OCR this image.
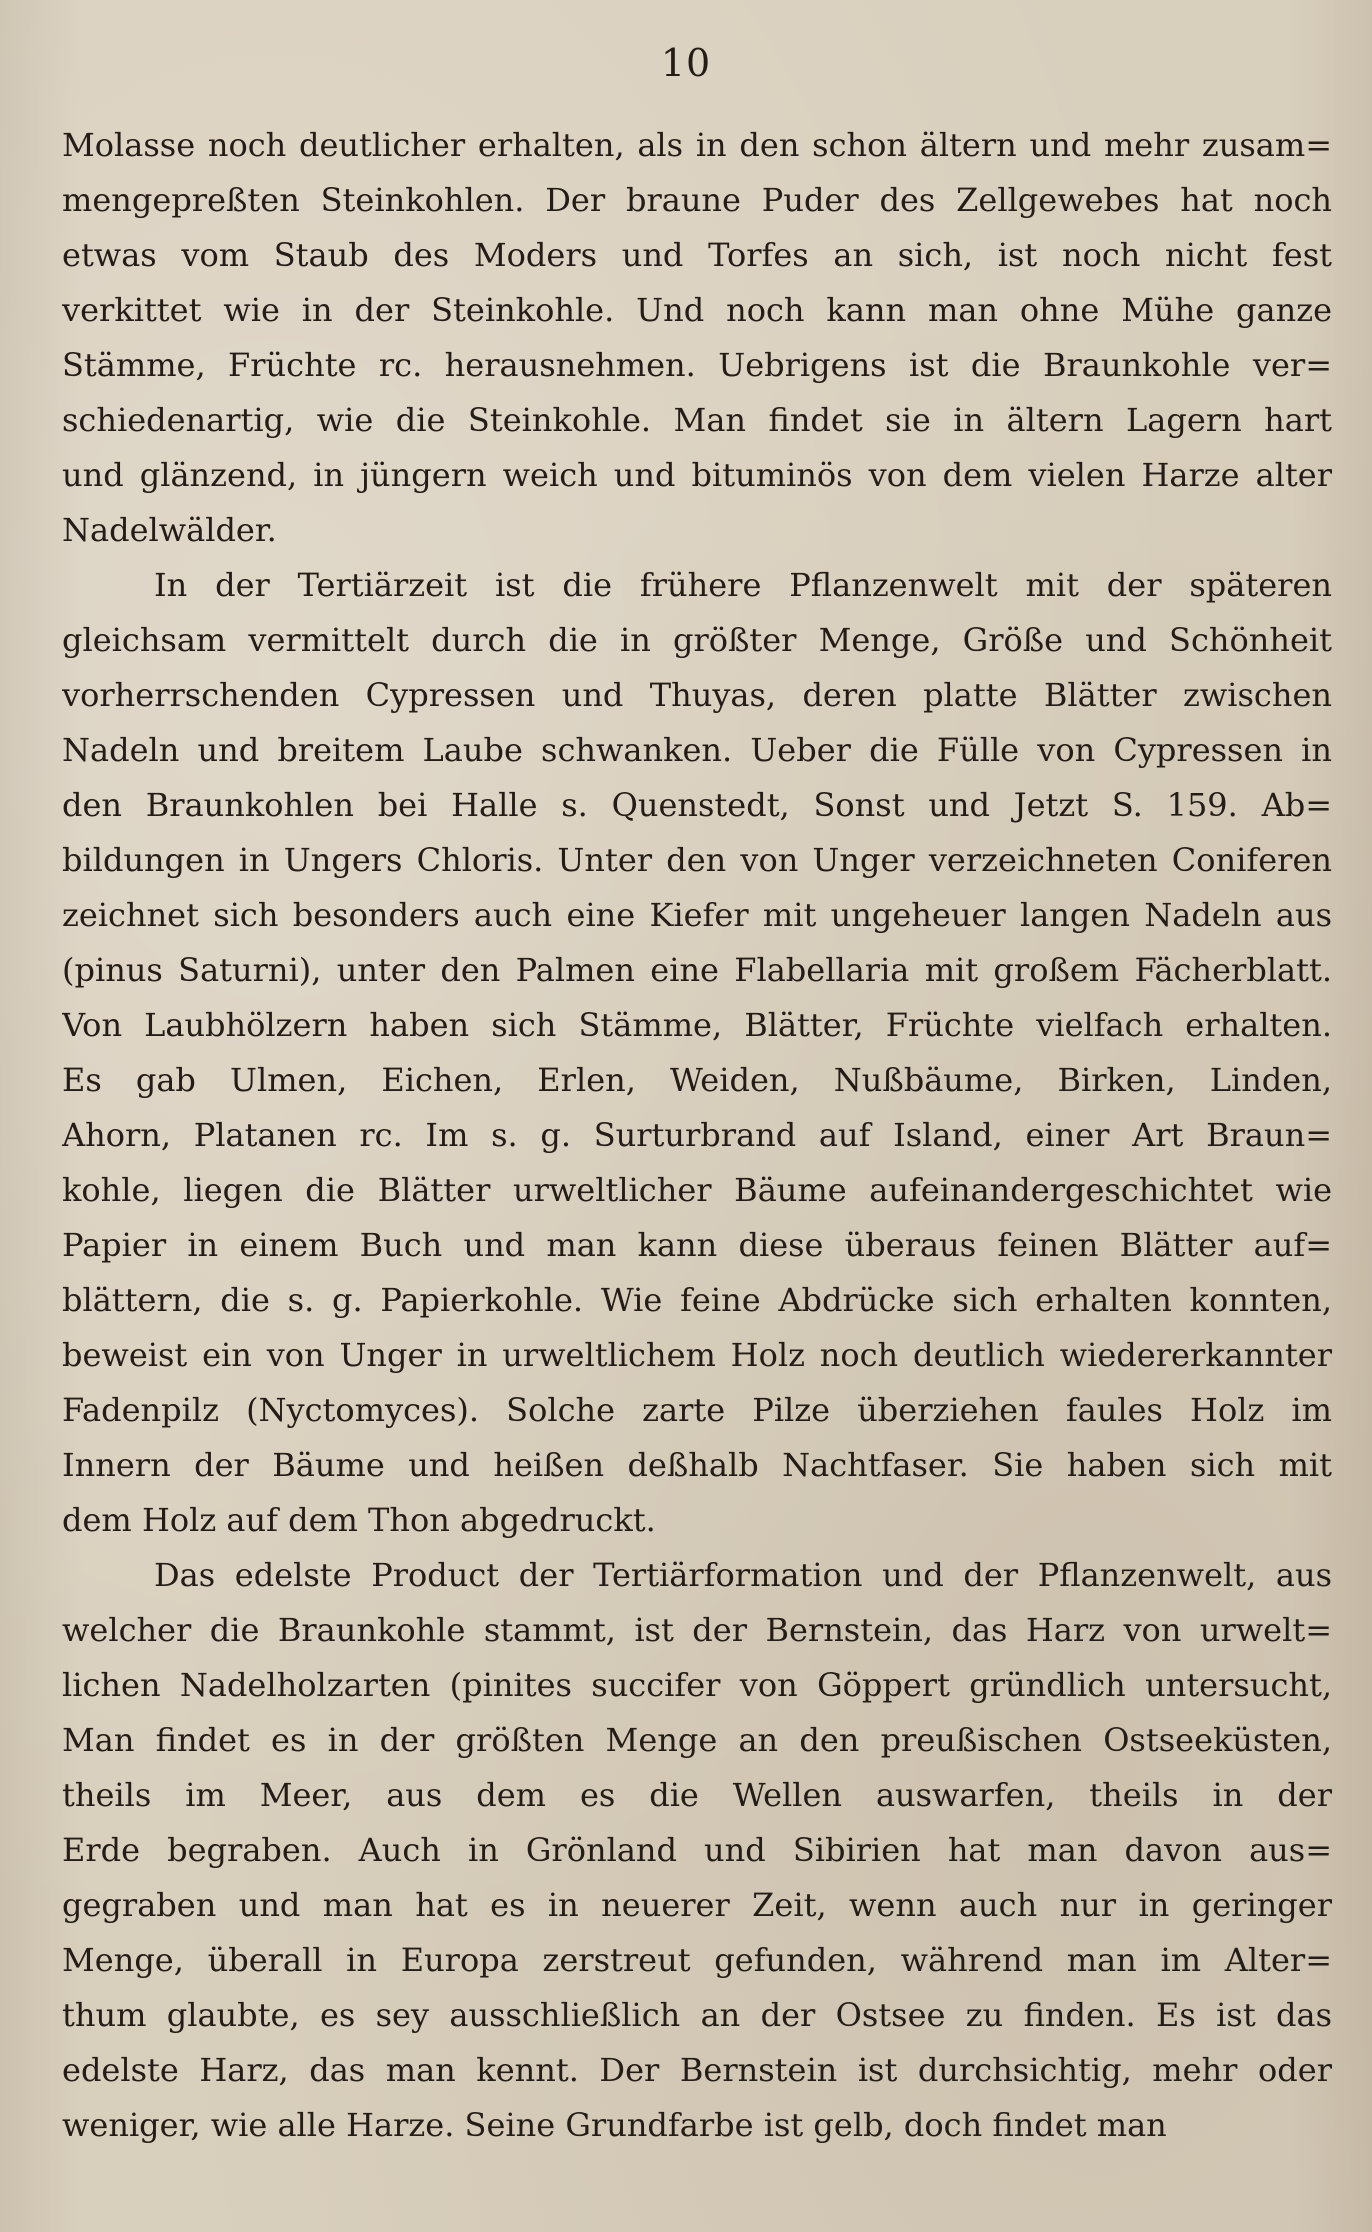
10
Molasse noch deutlicher erhalten, als in den schon ältern und mehr zusam=
mengepreßten Steinkohlen. Der braune Puder des Zellgewebes hat noch
etwas vom Staub des Moders und Torfes an sich, ist noch nicht fest
verkittet wie in der Steinkohle. Und noch kann man ohne Mühe ganze
Stämme, Früchte rc. herausnehmen. Uebrigens ist die Braunkohle ver=
schiedenartig, wie die Steinkohle. Man findet sie in ältern Lagern hart
und glänzend, in jüngern weich und bituminös von dem vielen Harze alter
Nadelwälder.
In der Tertiärzeit ist die frühere Pflanzenwelt mit der späteren
gleichsam vermittelt durch die in größter Menge, Größe und Schönheit
vorherrschenden Cypressen und Thuyas, deren platte Blätter zwischen
Nadeln und breitem Laube schwanken. Ueber die Fülle von Cypressen in
den Braunkohlen bei Halle s. Quenstedt, Sonst und Jetzt S. 159. Ab=
bildungen in Ungers Chloris. Unter den von Unger verzeichneten Coniferen
zeichnet sich besonders auch eine Kiefer mit ungeheuer langen Nadeln aus
(pinus Saturni), unter den Palmen eine Flabellaria mit großem Fächerblatt.
Von Laubhölzern haben sich Stämme, Blätter, Früchte vielfach erhalten.
Es gab Ulmen, Eichen, Erlen, Weiden, Nußbäume, Birken, Linden,
Ahorn, Platanen rc. Im s. g. Surturbrand auf Island, einer Art Braun=
kohle, liegen die Blätter urweltlicher Bäume aufeinandergeschichtet wie
Papier in einem Buch und man kann diese überaus feinen Blätter auf=
blättern, die s. g. Papierkohle. Wie feine Abdrücke sich erhalten konnten,
beweist ein von Unger in urweltlichem Holz noch deutlich wiedererkannter
Fadenpilz (Nyctomyces). Solche zarte Pilze überziehen faules Holz im
Innern der Bäume und heißen deßhalb Nachtfaser. Sie haben sich mit
dem Holz auf dem Thon abgedruckt.
Das edelste Product der Tertiärformation und der Pflanzenwelt, aus
welcher die Braunkohle stammt, ist der Bernstein, das Harz von urwelt=
lichen Nadelholzarten (pinites succifer von Göppert gründlich untersucht,
Man findet es in der größten Menge an den preußischen Ostseeküsten,
theils im Meer, aus dem es die Wellen auswarfen, theils in der
Erde begraben. Auch in Grönland und Sibirien hat man davon aus=
gegraben und man hat es in neuerer Zeit, wenn auch nur in geringer
Menge, überall in Europa zerstreut gefunden, während man im Alter=
thum glaubte, es sey ausschließlich an der Ostsee zu finden. Es ist das
edelste Harz, das man kennt. Der Bernstein ist durchsichtig, mehr oder
weniger, wie alle Harze. Seine Grundfarbe ist gelb, doch findet man
